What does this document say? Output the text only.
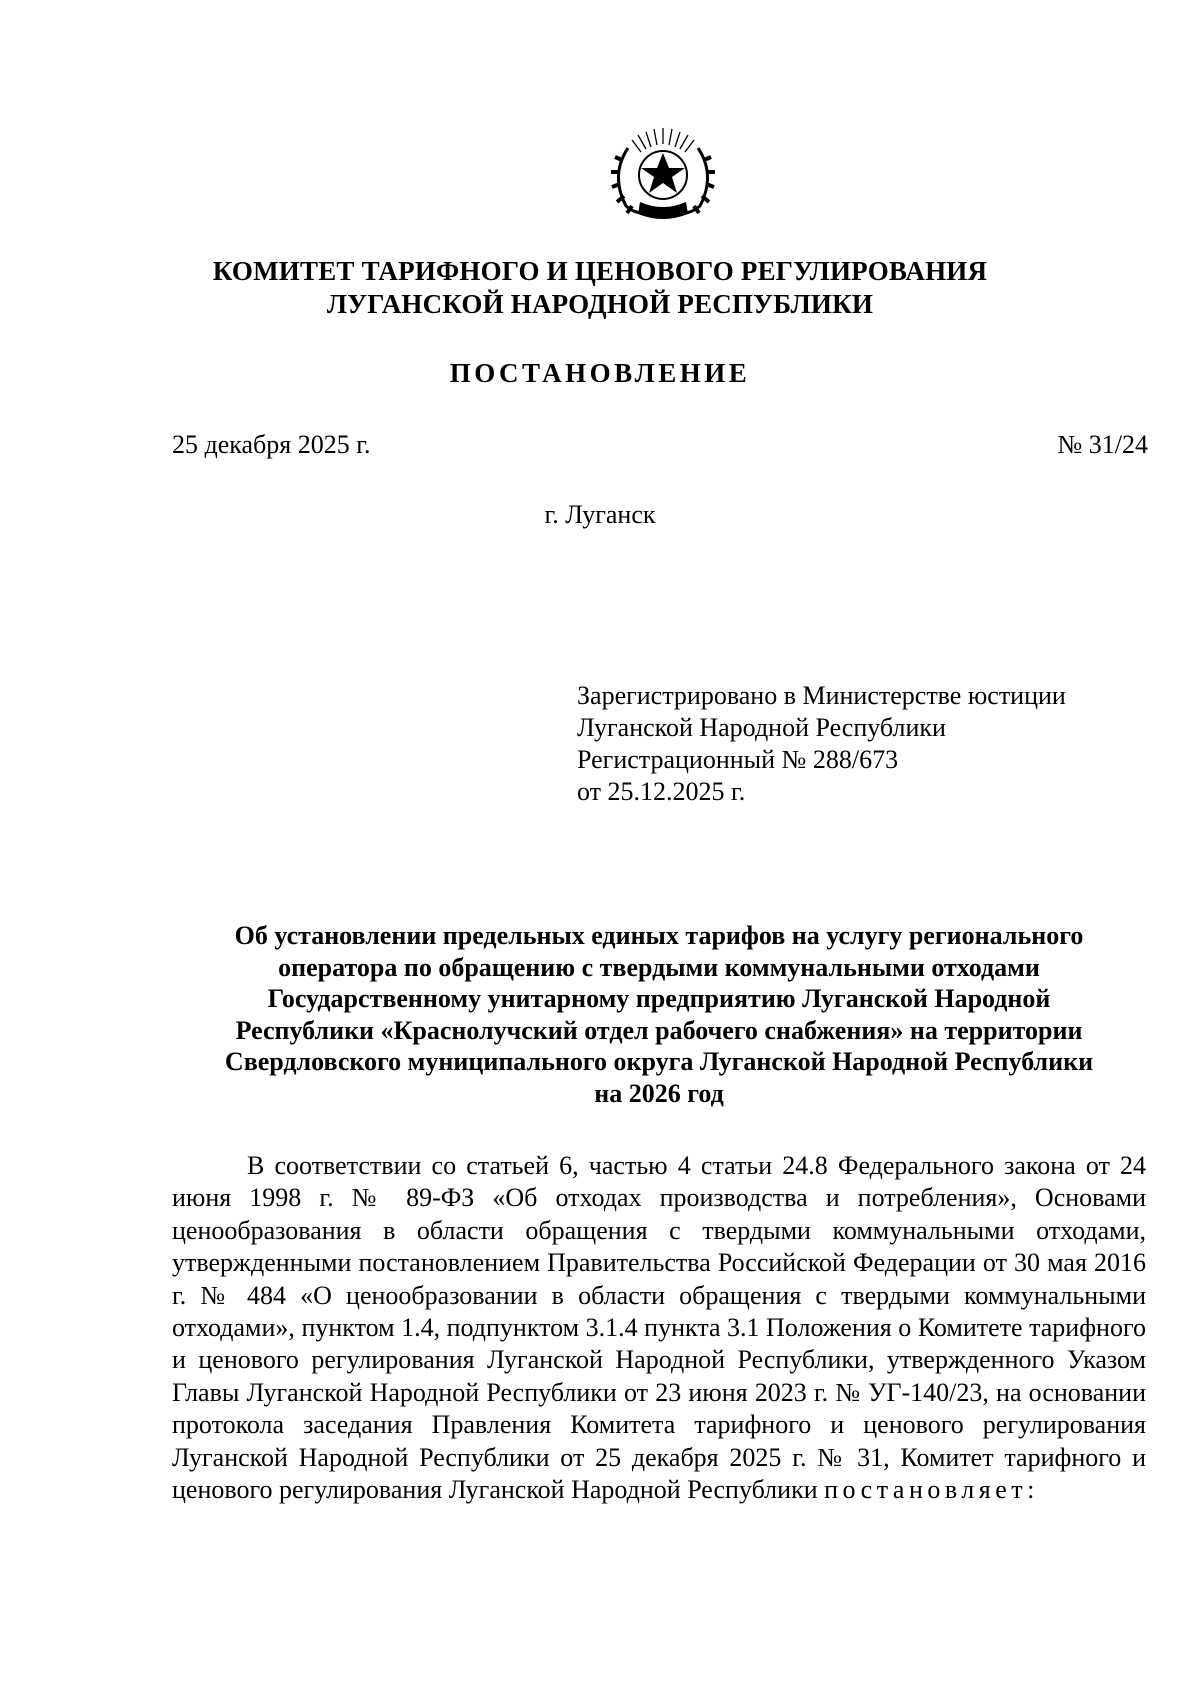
КОМИТЕТ ТАРИФНОГО И ЦЕНОВОГО РЕГУЛИРОВАНИЯ
ЛУГАНСКОЙ НАРОДНОЙ РЕСПУБЛИКИ
ПОСТАНОВЛЕНИЕ
25 декабря 2025 г.	№ 31/24
г. Луганск
Зарегистрировано в Министерстве юстиции
Луганской Народной Республики
Регистрационный № 288/673
от 25.12.2025 г.
Об установлении предельных единых тарифов на услугу регионального
оператора по обращению с твердыми коммунальными отходами
Государственному унитарному предприятию Луганской Народной
Республики «Краснолучский отдел рабочего снабжения» на территории
Свердловского муниципального округа Луганской Народной Республики
на 2026 год

В соответствии со статьей 6, частью 4 статьи 24.8 Федерального закона от 24 июня 1998 г. № 89-ФЗ «Об отходах производства и потребления», Основами ценообразования в области обращения с твердыми коммунальными отходами, утвержденными постановлением Правительства Российской Федерации от 30 мая 2016 г. № 484 «О ценообразовании в области обращения с твердыми коммунальными отходами», пунктом 1.4, подпунктом 3.1.4 пункта 3.1 Положения о Комитете тарифного и ценового регулирования Луганской Народной Республики, утвержденного Указом Главы Луганской Народной Республики от 23 июня 2023 г. № УГ-140/23, на основании протокола заседания Правления Комитета тарифного и ценового регулирования Луганской Народной Республики от 25 декабря 2025 г. № 31, Комитет тарифного и ценового регулирования Луганской Народной Республики постановляет:
